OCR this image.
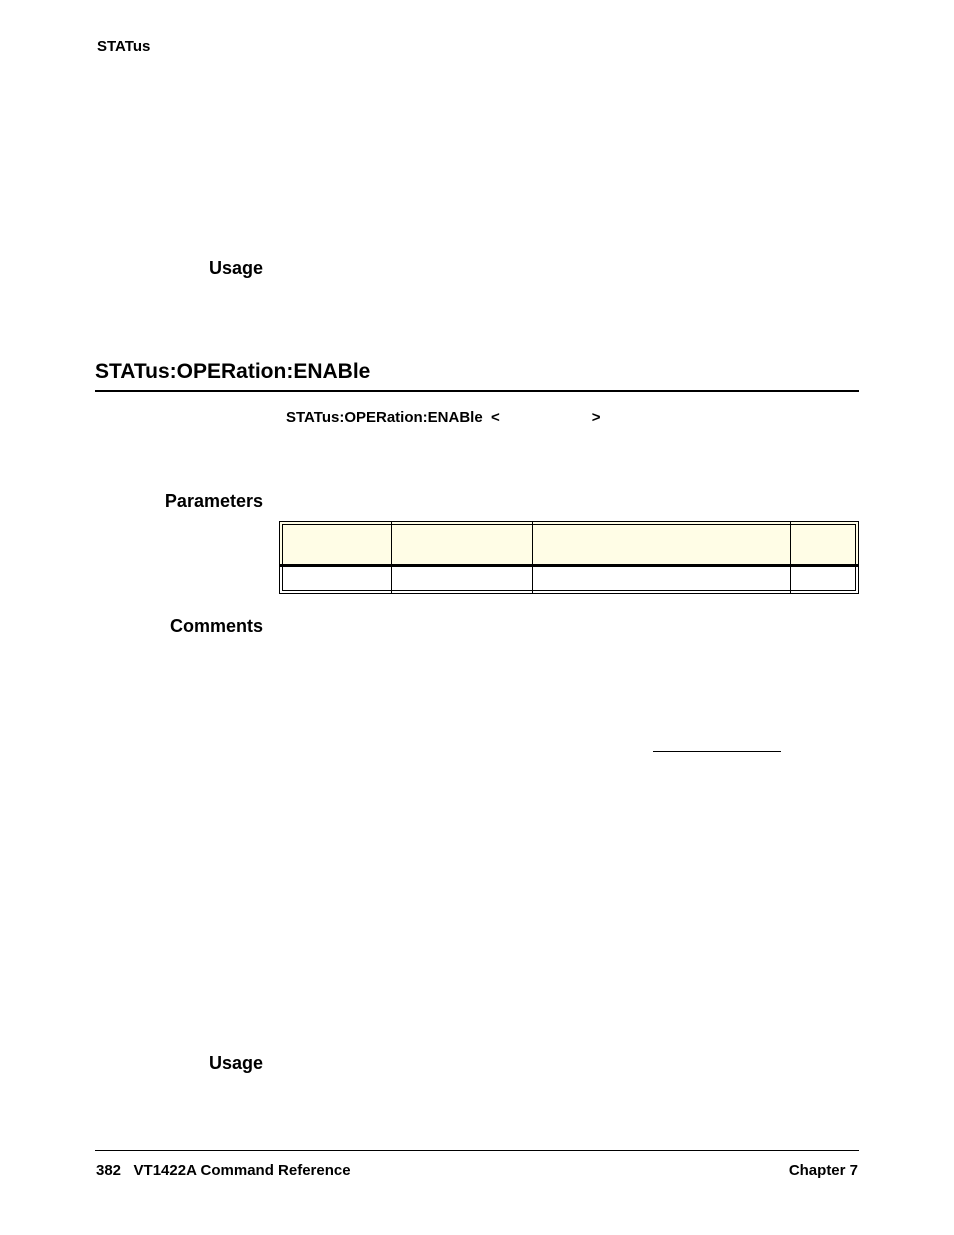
STATus
Usage
STATus:OPERation:ENABle
STATus:OPERation:ENABle <	>
Parameters

Comments
Usage
382 VT1422A Command Reference	Chapter 7
